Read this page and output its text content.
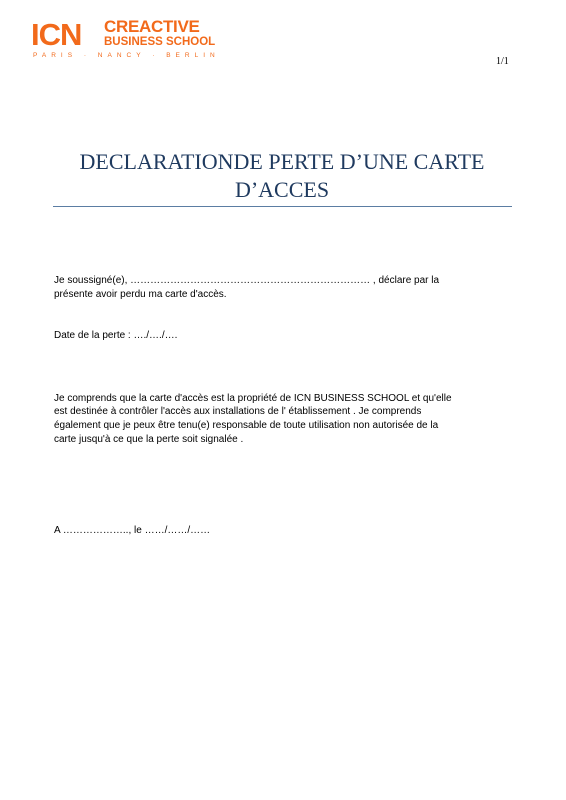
ICN CREACTIVE
BUSINESS SCHOOL
PARIS · NANCY · BERLIN
1/1
DECLARATIONDE PERTE D’UNE CARTE
D’ACCES
Je soussigné(e), ……………………………………………………………… , déclare par la
présente avoir perdu ma carte d'accès.
Date de la perte : …./…./….
Je comprends que la carte d'accès est la propriété de ICN BUSINESS SCHOOL et qu'elle
est destinée à contrôler l'accès aux installations de l' établissement . Je comprends
également que je peux être tenu(e) responsable de toute utilisation non autorisée de la
carte jusqu'à ce que la perte soit signalée .
A ……………….., le ……/……/……
